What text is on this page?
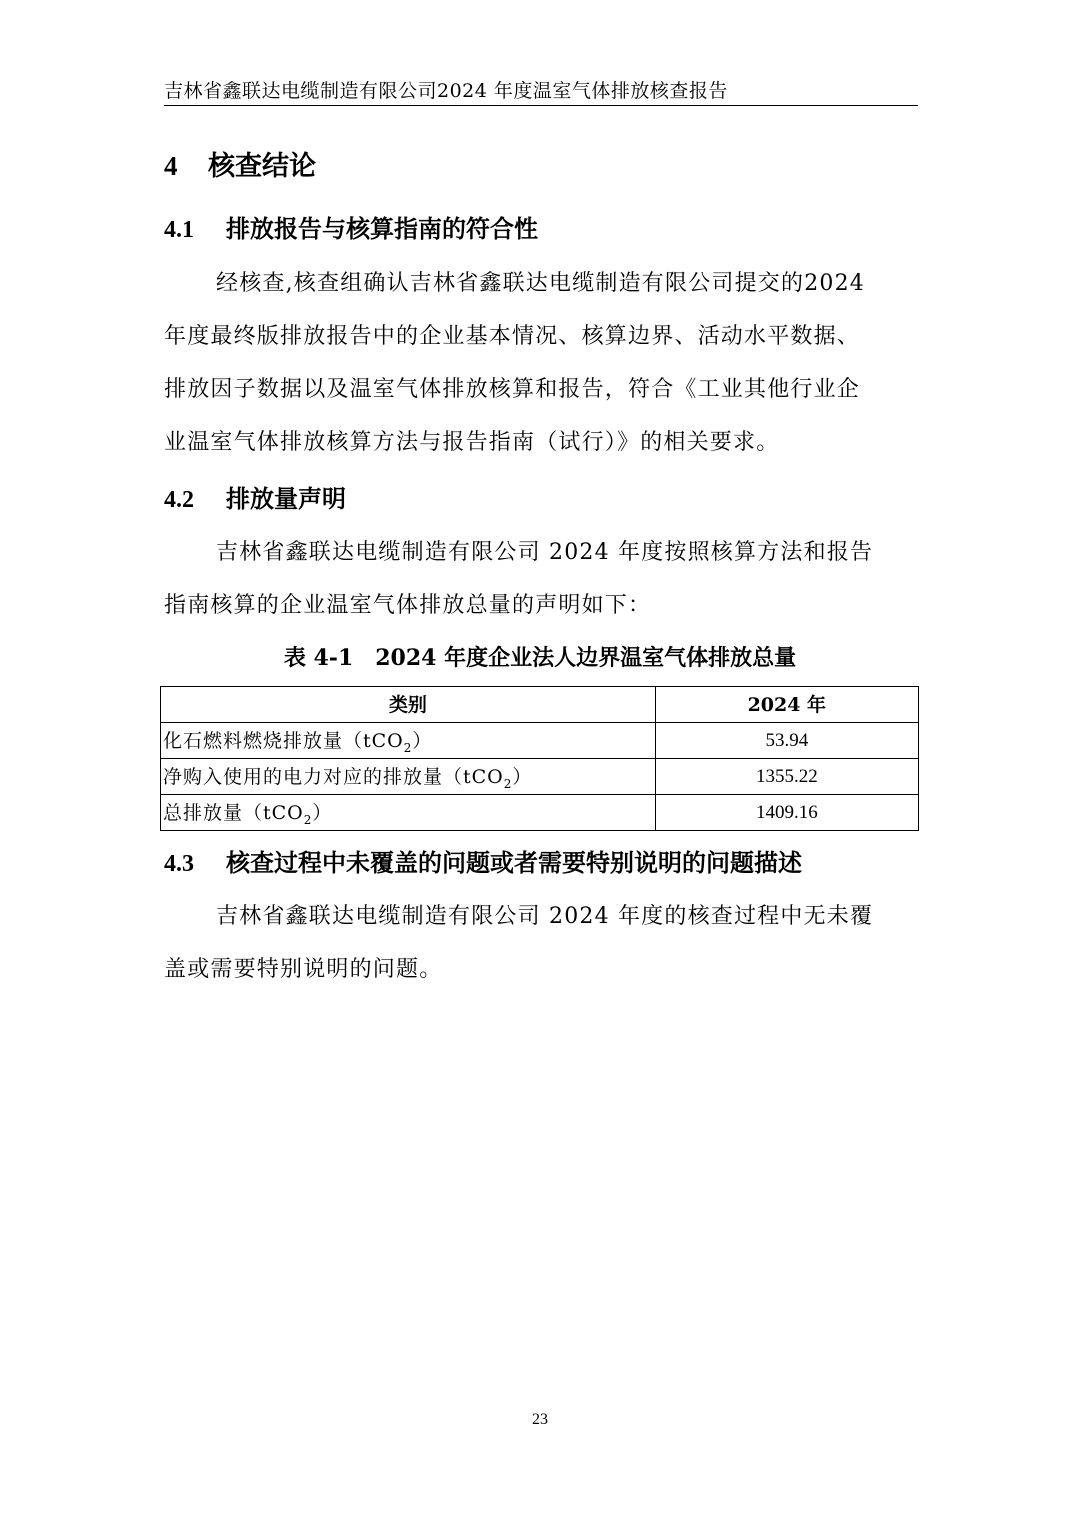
吉林省鑫联达电缆制造有限公司2024 年度温室气体排放核查报告
4 核查结论
4.1 排放报告与核算指南的符合性
经核查,核查组确认吉林省鑫联达电缆制造有限公司提交的2024
年度最终版排放报告中的企业基本情况、核算边界、活动水平数据、
排放因子数据以及温室气体排放核算和报告，符合《工业其他行业企
业温室气体排放核算方法与报告指南（试行）》的相关要求。
4.2 排放量声明
吉林省鑫联达电缆制造有限公司 2024 年度按照核算方法和报告
指南核算的企业温室气体排放总量的声明如下：
表 4-1　2024 年度企业法人边界温室气体排放总量
类别	2024 年
化石燃料燃烧排放量（tCO$_2$）	53.94
净购入使用的电力对应的排放量（tCO$_2$）	1355.22
总排放量（tCO$_2$）	1409.16
4.3 核查过程中未覆盖的问题或者需要特别说明的问题描述
吉林省鑫联达电缆制造有限公司 2024 年度的核查过程中无未覆
盖或需要特别说明的问题。
23
